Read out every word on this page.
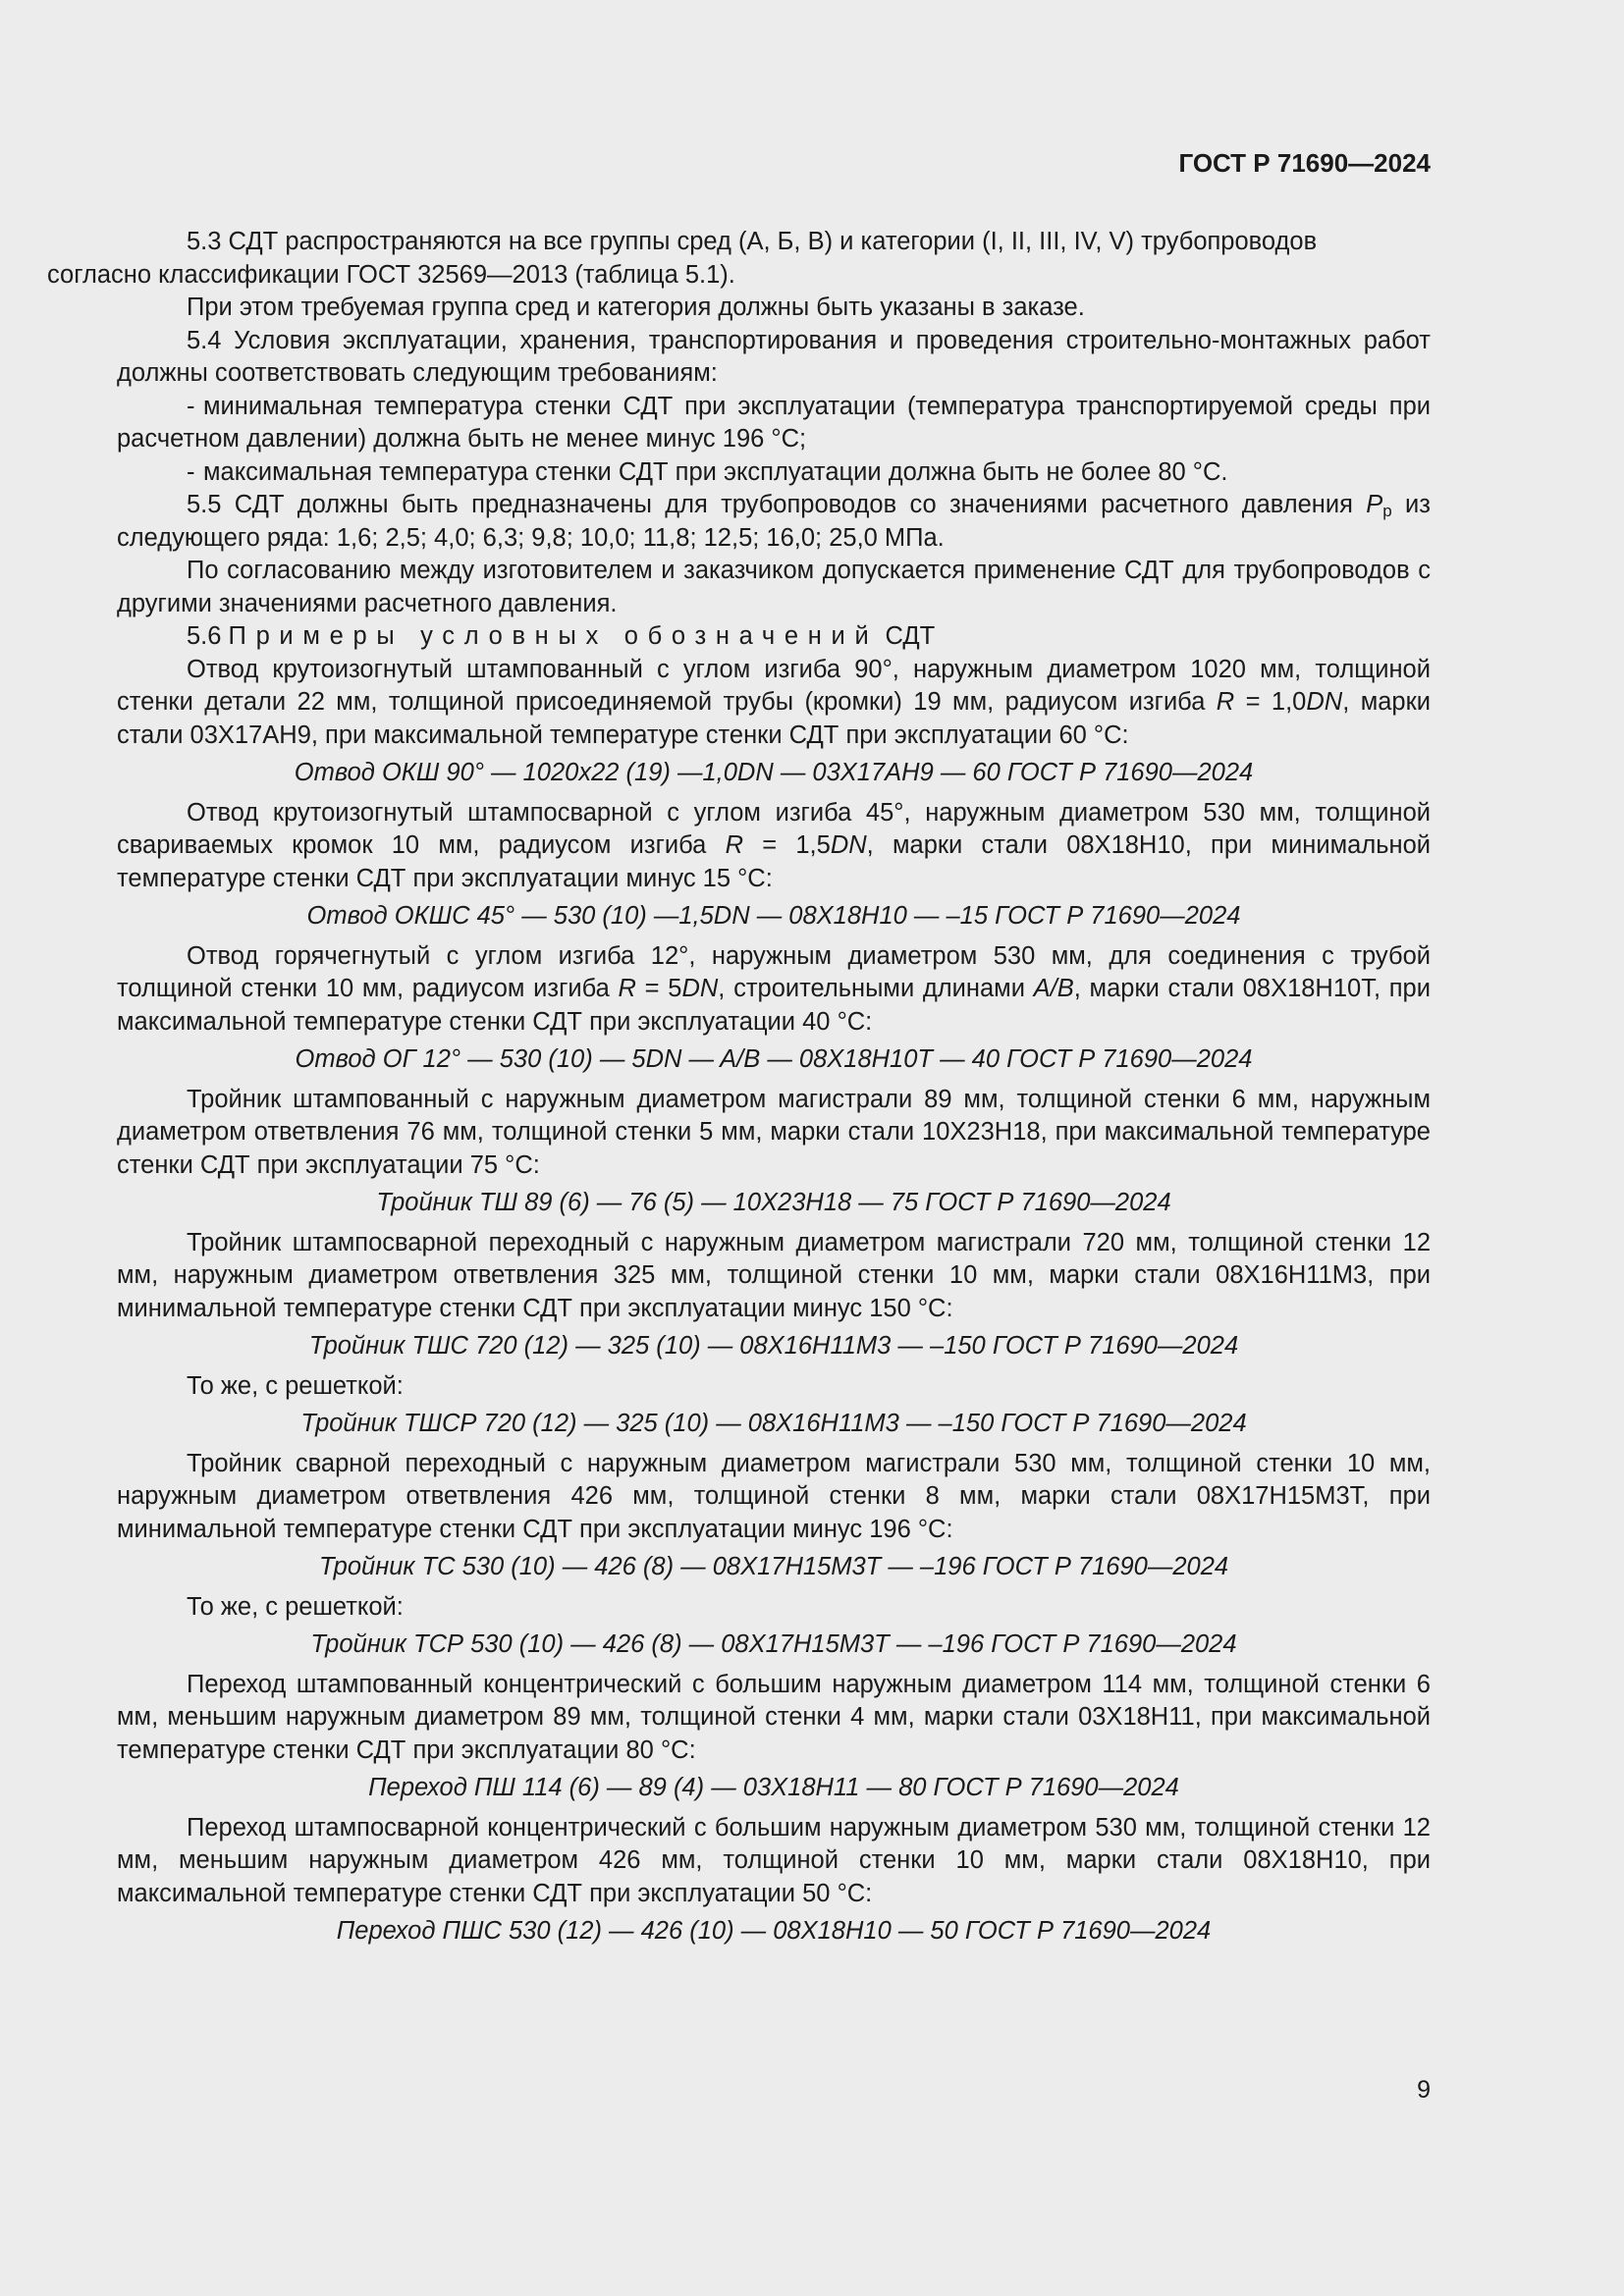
ГОСТ Р 71690—2024

5.3 СДТ распространяются на все группы сред (А, Б, В) и категории (I, II, III, IV, V) трубопроводов
согласно классификации ГОСТ 32569—2013 (таблица 5.1).

При этом требуемая группа сред и категория должны быть указаны в заказе.

5.4 Условия эксплуатации, хранения, транспортирования и проведения строительно-монтажных работ должны соответствовать следующим требованиям:

- минимальная температура стенки СДТ при эксплуатации (температура транспортируемой среды при расчетном давлении) должна быть не менее минус 196 °С;

- максимальная температура стенки СДТ при эксплуатации должна быть не более 80 °С.

5.5 СДТ должны быть предназначены для трубопроводов со значениями расчетного давления $P_р$ из следующего ряда: 1,6; 2,5; 4,0; 6,3; 9,8; 10,0; 11,8; 12,5; 16,0; 25,0 МПа.

По согласованию между изготовителем и заказчиком допускается применение СДТ для трубопроводов с другими значениями расчетного давления.

5.6 Примеры условных обозначений СДТ

Отвод крутоизогнутый штампованный с углом изгиба 90°, наружным диаметром 1020 мм, толщиной стенки детали 22 мм, толщиной присоединяемой трубы (кромки) 19 мм, радиусом изгиба R = 1,0DN, марки стали 03Х17АН9, при максимальной температуре стенки СДТ при эксплуатации 60 °С:

Отвод ОКШ 90° — 1020х22 (19) —1,0DN — 03Х17АН9 — 60 ГОСТ Р 71690—2024

Отвод крутоизогнутый штампосварной с углом изгиба 45°, наружным диаметром 530 мм, толщиной свариваемых кромок 10 мм, радиусом изгиба R = 1,5DN, марки стали 08Х18Н10, при минимальной температуре стенки СДТ при эксплуатации минус 15 °С:

Отвод ОКШС 45° — 530 (10) —1,5DN — 08Х18Н10 — –15 ГОСТ Р 71690—2024

Отвод горячегнутый с углом изгиба 12°, наружным диаметром 530 мм, для соединения с трубой толщиной стенки 10 мм, радиусом изгиба R = 5DN, строительными длинами A/B, марки стали 08Х18Н10Т, при максимальной температуре стенки СДТ при эксплуатации 40 °С:

Отвод ОГ 12° — 530 (10) — 5DN — A/B — 08Х18Н10Т — 40 ГОСТ Р 71690—2024

Тройник штампованный с наружным диаметром магистрали 89 мм, толщиной стенки 6 мм, наружным диаметром ответвления 76 мм, толщиной стенки 5 мм, марки стали 10Х23Н18, при максимальной температуре стенки СДТ при эксплуатации 75 °С:

Тройник ТШ 89 (6) — 76 (5) — 10Х23Н18 — 75 ГОСТ Р 71690—2024

Тройник штампосварной переходный с наружным диаметром магистрали 720 мм, толщиной стенки 12 мм, наружным диаметром ответвления 325 мм, толщиной стенки 10 мм, марки стали 08Х16Н11М3, при минимальной температуре стенки СДТ при эксплуатации минус 150 °С:

Тройник ТШС 720 (12) — 325 (10) — 08Х16Н11М3 — –150 ГОСТ Р 71690—2024

То же, с решеткой:

Тройник ТШСР 720 (12) — 325 (10) — 08Х16Н11М3 — –150 ГОСТ Р 71690—2024

Тройник сварной переходный с наружным диаметром магистрали 530 мм, толщиной стенки 10 мм, наружным диаметром ответвления 426 мм, толщиной стенки 8 мм, марки стали 08Х17Н15М3Т, при минимальной температуре стенки СДТ при эксплуатации минус 196 °С:

Тройник ТС 530 (10) — 426 (8) — 08Х17Н15М3Т — –196 ГОСТ Р 71690—2024

То же, с решеткой:

Тройник ТСР 530 (10) — 426 (8) — 08Х17Н15М3Т — –196 ГОСТ Р 71690—2024

Переход штампованный концентрический с большим наружным диаметром 114 мм, толщиной стенки 6 мм, меньшим наружным диаметром 89 мм, толщиной стенки 4 мм, марки стали 03Х18Н11, при максимальной температуре стенки СДТ при эксплуатации 80 °С:

Переход ПШ 114 (6) — 89 (4) — 03Х18Н11 — 80 ГОСТ Р 71690—2024

Переход штампосварной концентрический с большим наружным диаметром 530 мм, толщиной стенки 12 мм, меньшим наружным диаметром 426 мм, толщиной стенки 10 мм, марки стали 08Х18Н10, при максимальной температуре стенки СДТ при эксплуатации 50 °С:

Переход ПШС 530 (12) — 426 (10) — 08Х18Н10 — 50 ГОСТ Р 71690—2024

9
